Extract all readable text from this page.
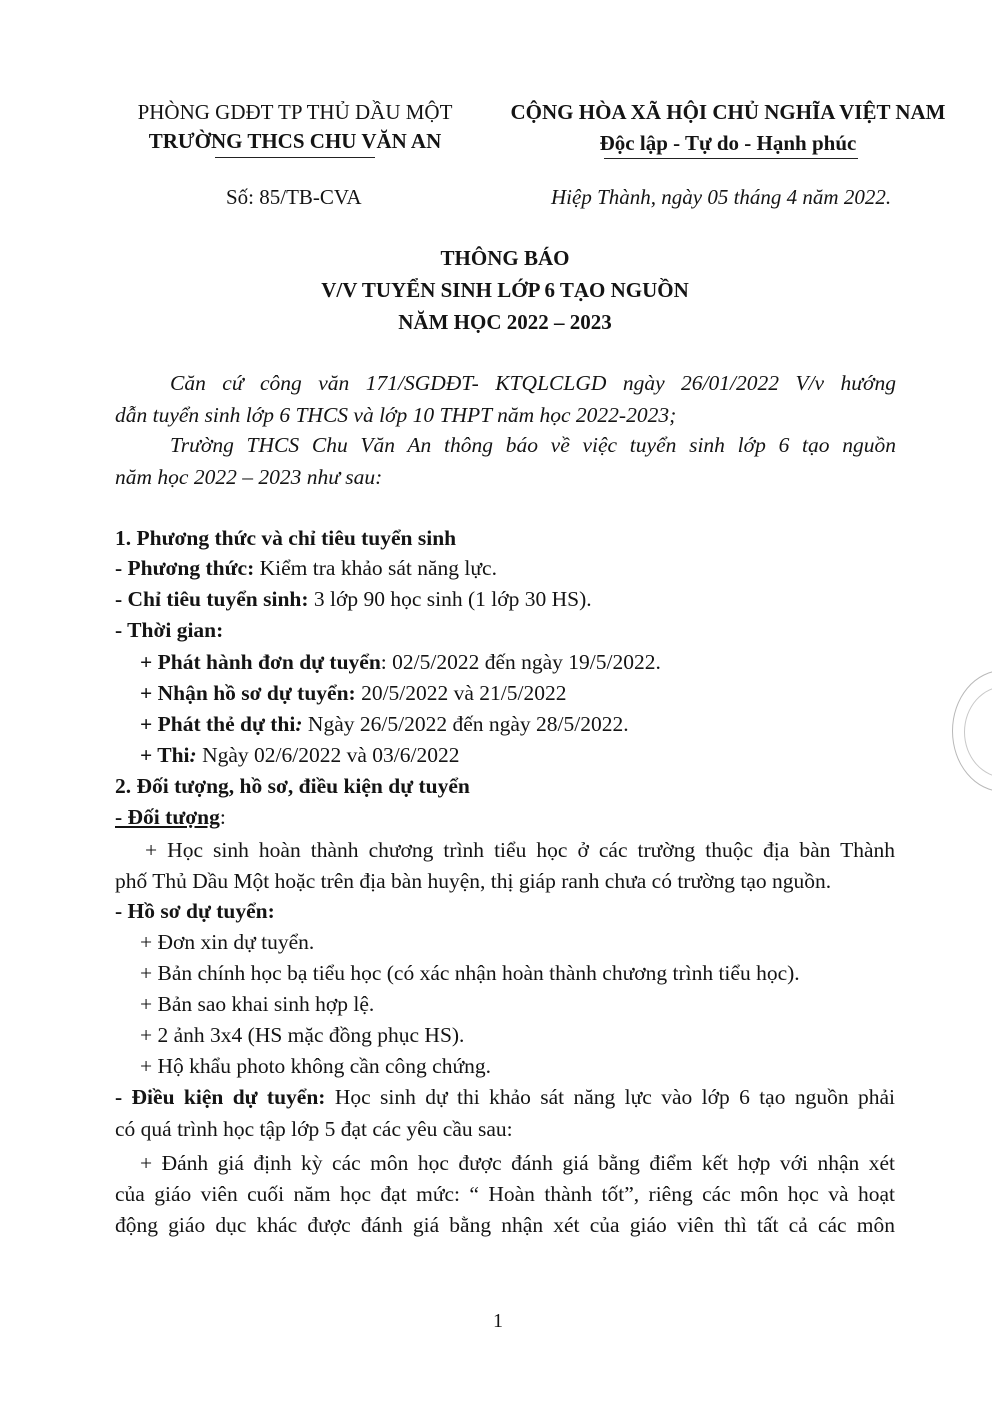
PHÒNG GDĐT TP THỦ DẦU MỘT
TRƯỜNG THCS CHU VĂN AN
CỘNG HÒA XÃ HỘI CHỦ NGHĨA VIỆT NAM
Độc lập - Tự do - Hạnh phúc
Số: 85/TB-CVA	Hiệp Thành, ngày 05 tháng 4 năm 2022.
THÔNG BÁO
V/V TUYỂN SINH LỚP 6 TẠO NGUỒN
NĂM HỌC 2022 – 2023
Căn cứ công văn 171/SGDĐT- KTQLCLGD ngày 26/01/2022 V/v hướng
dẫn tuyển sinh lớp 6 THCS và lớp 10 THPT năm học 2022-2023;
Trường THCS Chu Văn An thông báo về việc tuyển sinh lớp 6 tạo nguồn
năm học 2022 – 2023 như sau:
1. Phương thức và chỉ tiêu tuyển sinh
- Phương thức: Kiểm tra khảo sát năng lực.
- Chỉ tiêu tuyển sinh: 3 lớp 90 học sinh (1 lớp 30 HS).
- Thời gian:
+ Phát hành đơn dự tuyển: 02/5/2022 đến ngày 19/5/2022.
+ Nhận hồ sơ dự tuyển: 20/5/2022 và 21/5/2022
+ Phát thẻ dự thi: Ngày 26/5/2022 đến ngày 28/5/2022.
+ Thi: Ngày 02/6/2022 và 03/6/2022
2. Đối tượng, hồ sơ, điều kiện dự tuyển
- Đối tượng:
+ Học sinh hoàn thành chương trình tiểu học ở các trường thuộc địa bàn Thành
phố Thủ Dầu Một hoặc trên địa bàn huyện, thị giáp ranh chưa có trường tạo nguồn.
- Hồ sơ dự tuyển:
+ Đơn xin dự tuyển.
+ Bản chính học bạ tiểu học (có xác nhận hoàn thành chương trình tiểu học).
+ Bản sao khai sinh hợp lệ.
+ 2 ảnh 3x4 (HS mặc đồng phục HS).
+ Hộ khẩu photo không cần công chứng.
- Điều kiện dự tuyển: Học sinh dự thi khảo sát năng lực vào lớp 6 tạo nguồn phải
có quá trình học tập lớp 5 đạt các yêu cầu sau:
+ Đánh giá định kỳ các môn học được đánh giá bằng điểm kết hợp với nhận xét
của giáo viên cuối năm học đạt mức: “ Hoàn thành tốt”, riêng các môn học và hoạt
động giáo dục khác được đánh giá bằng nhận xét của giáo viên thì tất cả các môn
1
